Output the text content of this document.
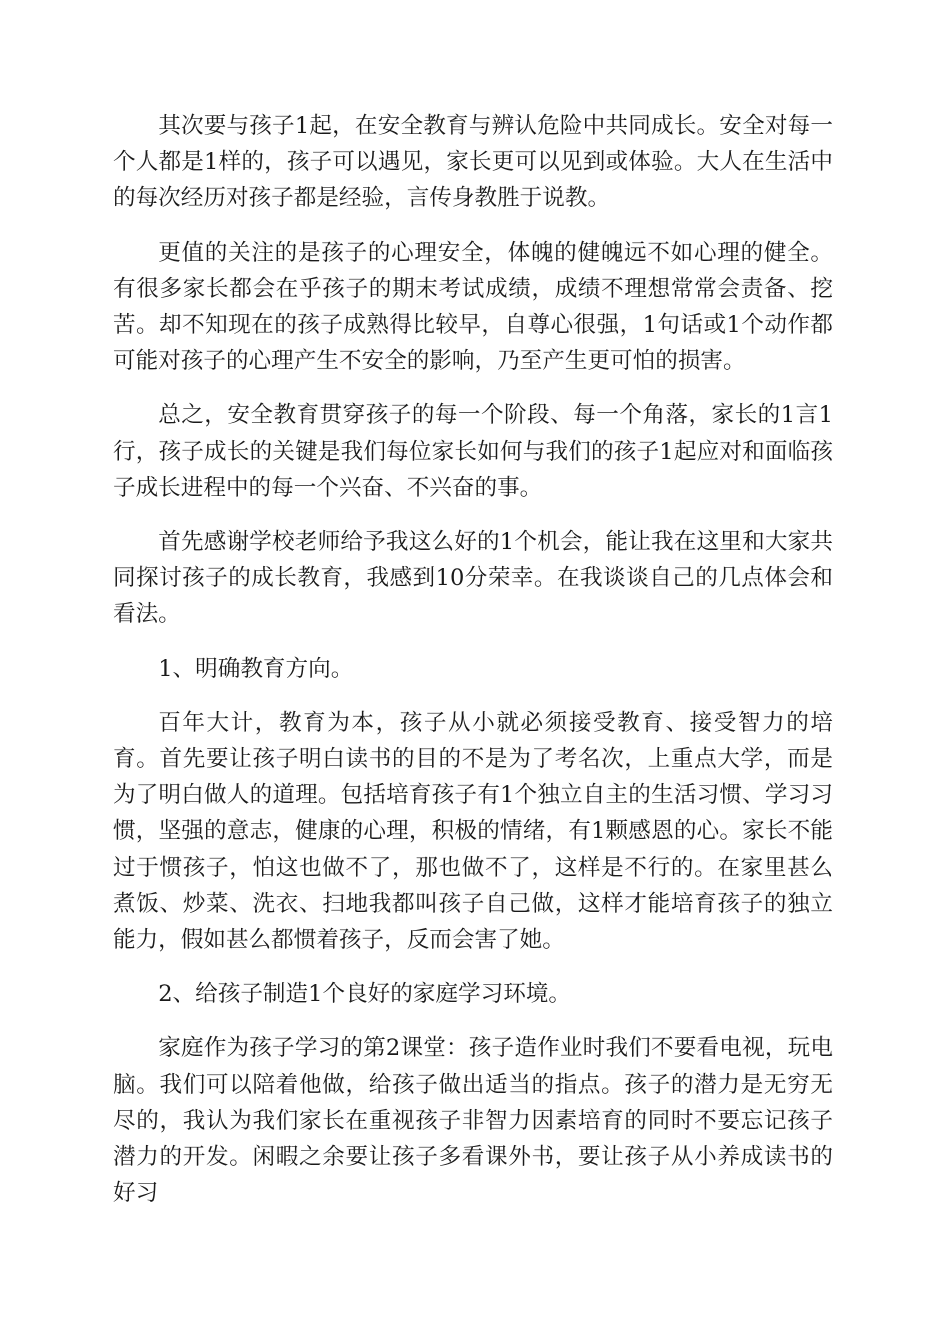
其次要与孩子1起，在安全教育与辨认危险中共同成长。安全对每一个人都是1样的，孩子可以遇见，家长更可以见到或体验。大人在生活中的每次经历对孩子都是经验，言传身教胜于说教。

更值的关注的是孩子的心理安全，体魄的健魄远不如心理的健全。有很多家长都会在乎孩子的期末考试成绩，成绩不理想常常会责备、挖苦。却不知现在的孩子成熟得比较早，自尊心很强，1句话或1个动作都可能对孩子的心理产生不安全的影响，乃至产生更可怕的损害。

总之，安全教育贯穿孩子的每一个阶段、每一个角落，家长的1言1行，孩子成长的关键是我们每位家长如何与我们的孩子1起应对和面临孩子成长进程中的每一个兴奋、不兴奋的事。

首先感谢学校老师给予我这么好的1个机会，能让我在这里和大家共同探讨孩子的成长教育，我感到10分荣幸。在我谈谈自己的几点体会和看法。

1、明确教育方向。

百年大计，教育为本，孩子从小就必须接受教育、接受智力的培育。首先要让孩子明白读书的目的不是为了考名次，上重点大学，而是为了明白做人的道理。包括培育孩子有1个独立自主的生活习惯、学习习惯，坚强的意志，健康的心理，积极的情绪，有1颗感恩的心。家长不能过于惯孩子，怕这也做不了，那也做不了，这样是不行的。在家里甚么煮饭、炒菜、洗衣、扫地我都叫孩子自己做，这样才能培育孩子的独立能力，假如甚么都惯着孩子，反而会害了她。

2、给孩子制造1个良好的家庭学习环境。

家庭作为孩子学习的第2课堂：孩子造作业时我们不要看电视，玩电脑。我们可以陪着他做，给孩子做出适当的指点。孩子的潜力是无穷无尽的，我认为我们家长在重视孩子非智力因素培育的同时不要忘记孩子潜力的开发。闲暇之余要让孩子多看课外书，要让孩子从小养成读书的好习
